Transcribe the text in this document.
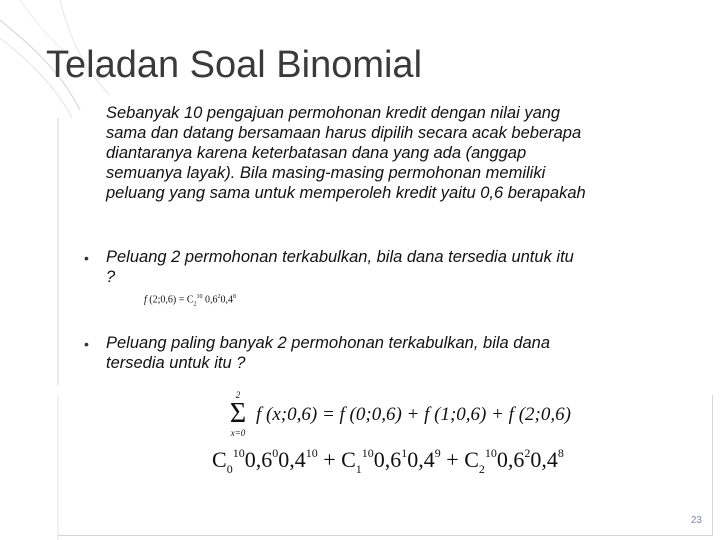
Teladan Soal Binomial
Sebanyak 10 pengajuan permohonan kredit dengan nilai yang sama dan datang bersamaan harus dipilih secara acak beberapa diantaranya karena keterbatasan dana yang ada (anggap semuanya layak). Bila masing-masing permohonan memiliki peluang yang sama untuk memperoleh kredit yaitu 0,6 berapakah
• Peluang 2 permohonan terkabulkan, bila dana tersedia untuk itu ?
f (2;0,6) = $C_2^{10}$ $0,6^20,4^8$
• Peluang paling banyak 2 permohonan terkabulkan, bila dana tersedia untuk itu ?
2
Σ
x=0
f (x;0,6) = f (0;0,6) + f (1;0,6) + f (2;0,6)
$C_0^{10}0,6^00,4^{10} + C_1^{10}0,6^10,4^9 + C_2^{10}0,6^20,4^8$
23
